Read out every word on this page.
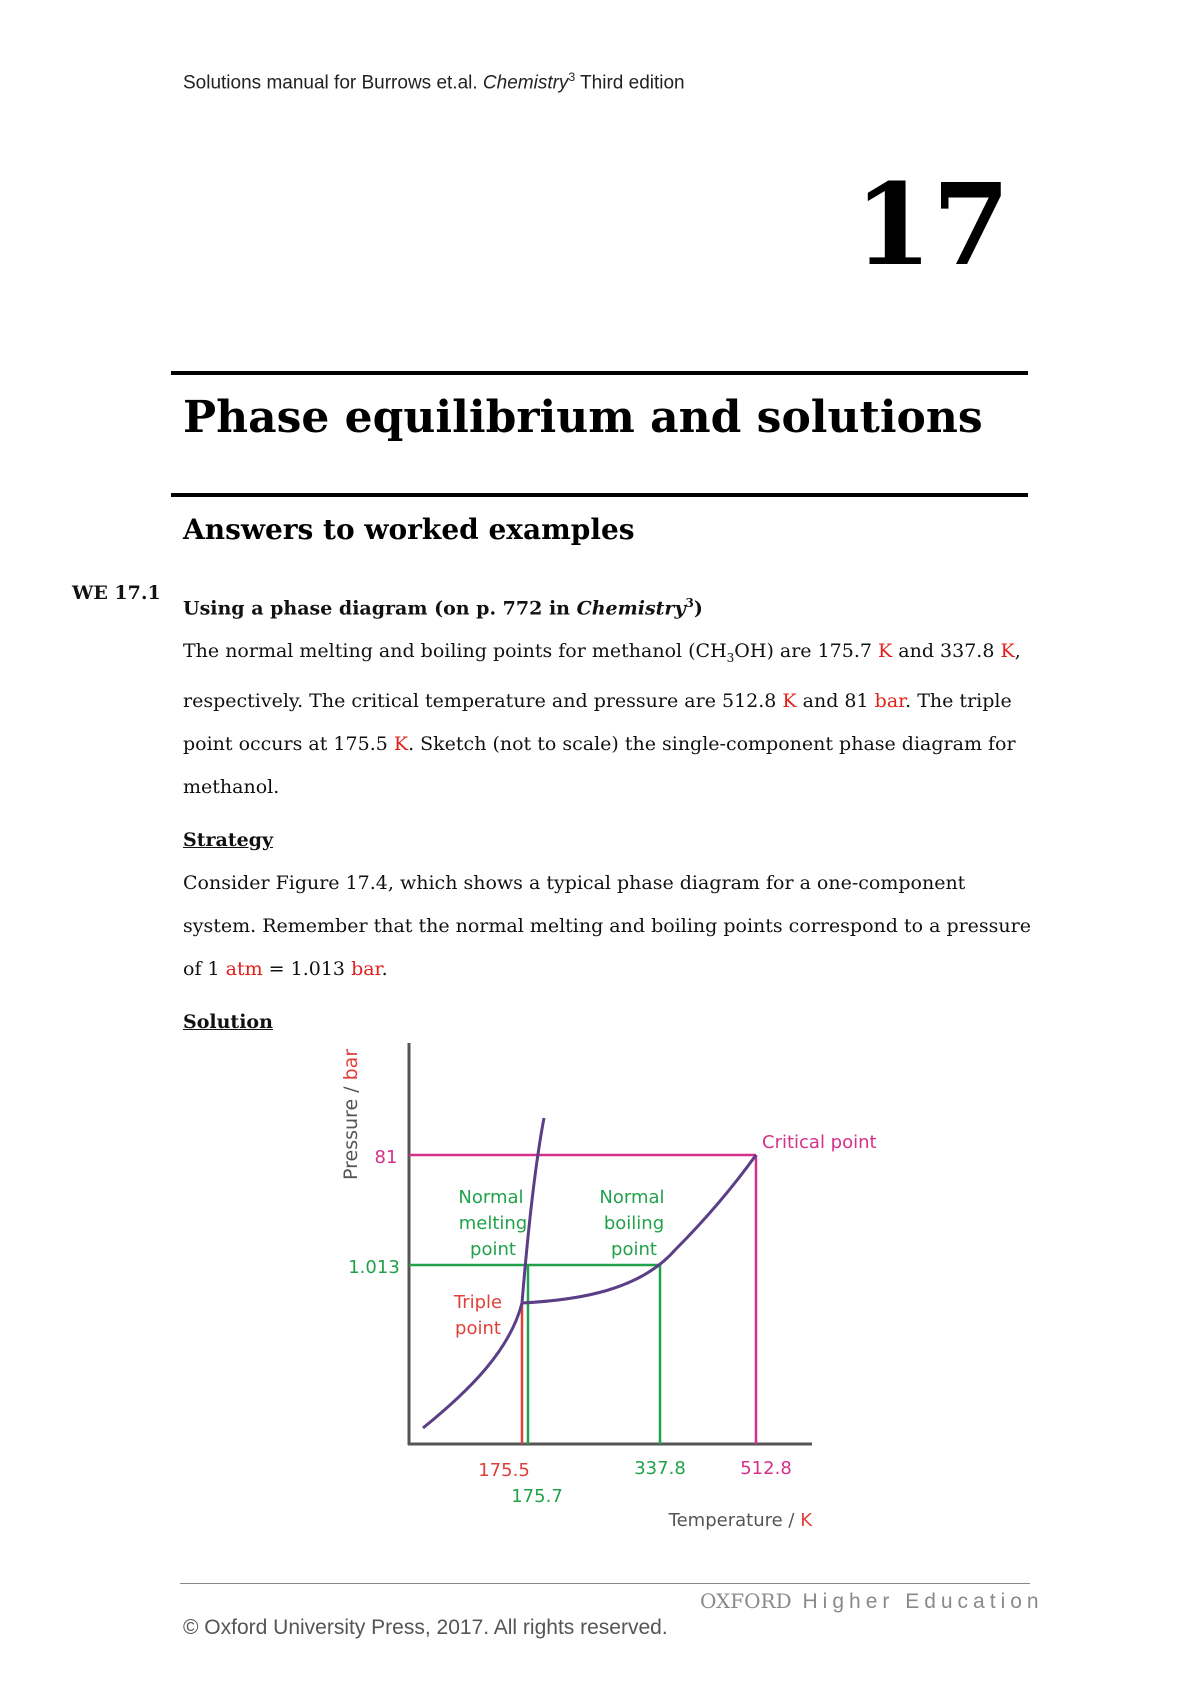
Solutions manual for Burrows et.al. Chemistry$^3$ Third edition
17
Phase equilibrium and solutions
Answers to worked examples
WE 17.1

Using a phase diagram (on p. 772 in Chemistry$^3$)

The normal melting and boiling points for methanol $(CH_3OH)$ are 175.7 K and 337.8 K, respectively. The critical temperature and pressure are 512.8 K and 81 bar. The triple point occurs at 175.5 K. Sketch (not to scale) the single-component phase diagram for methanol.

Strategy

Consider Figure 17.4, which shows a typical phase diagram for a one-component system. Remember that the normal melting and boiling points correspond to a pressure of 1 atm = 1.013 bar.

Solution

Pressure / bar
81
1.013
175.5
175.7
337.8	512.8
Temperature / K
Critical point
Normal
melting
point
Normal
boiling
point
Triple
point
OXFORD Higher Education
© Oxford University Press, 2017. All rights reserved.
